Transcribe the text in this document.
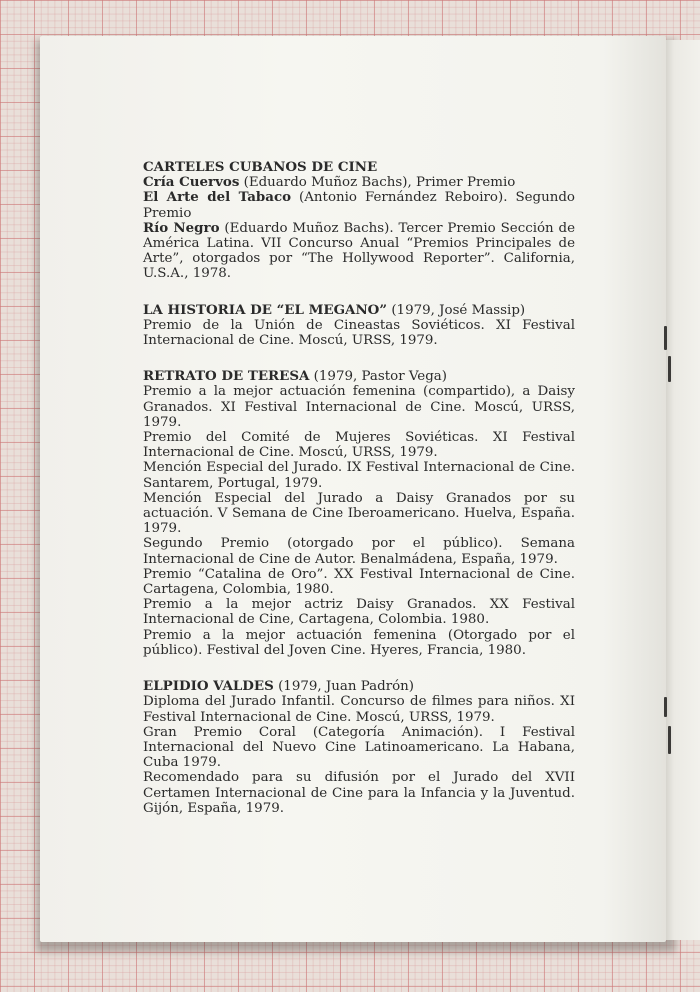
CARTELES CUBANOS DE CINE

Cría Cuervos (Eduardo Muñoz Bachs), Primer Premio

El Arte del Tabaco (Antonio Fernández Reboiro). Segundo Premio

Río Negro (Eduardo Muñoz Bachs). Tercer Premio Sección de América Latina. VII Concurso Anual “Premios Principales de Arte”, otorgados por “The Hollywood Reporter”. California, U.S.A., 1978.

LA HISTORIA DE “EL MEGANO” (1979, José Massip)

Premio de la Unión de Cineastas Soviéticos. XI Festival Internacional de Cine. Moscú, URSS, 1979.

RETRATO DE TERESA (1979, Pastor Vega)

Premio a la mejor actuación femenina (compartido), a Daisy Granados. XI Festival Internacional de Cine. Moscú, URSS, 1979.

Premio del Comité de Mujeres Soviéticas. XI Festival Internacional de Cine. Moscú, URSS, 1979.

Mención Especial del Jurado. IX Festival Internacional de Cine. Santarem, Portugal, 1979.

Mención Especial del Jurado a Daisy Granados por su actuación. V Semana de Cine Iberoamericano. Huelva, España. 1979.

Segundo Premio (otorgado por el público). Semana Internacional de Cine de Autor. Benalmádena, España, 1979.

Premio “Catalina de Oro”. XX Festival Internacional de Cine. Cartagena, Colombia, 1980.

Premio a la mejor actriz Daisy Granados. XX Festival Internacional de Cine, Cartagena, Colombia. 1980.

Premio a la mejor actuación femenina (Otorgado por el público). Festival del Joven Cine. Hyeres, Francia, 1980.

ELPIDIO VALDES (1979, Juan Padrón)

Diploma del Jurado Infantil. Concurso de filmes para niños. XI Festival Internacional de Cine. Moscú, URSS, 1979.

Gran Premio Coral (Categoría Animación). I Festival Internacional del Nuevo Cine Latinoamericano. La Habana, Cuba 1979.

Recomendado para su difusión por el Jurado del XVII Certamen Internacional de Cine para la Infancia y la Juventud. Gijón, España, 1979.
